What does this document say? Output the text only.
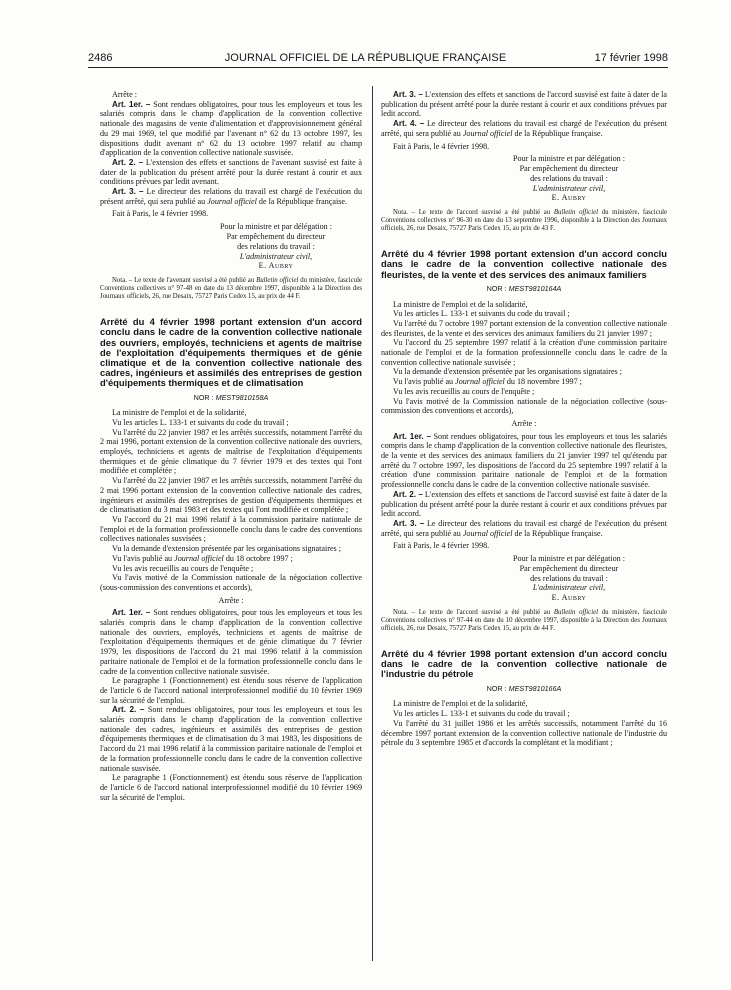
2486	JOURNAL OFFICIEL DE LA RÉPUBLIQUE FRANÇAISE	17 février 1998

Arrête :

Art. 1er. – Sont rendues obligatoires, pour tous les employeurs et tous les salariés compris dans le champ d'application de la convention collective nationale des magasins de vente d'alimentation et d'approvisionnement général du 29 mai 1969, tel que modifié par l'avenant n° 62 du 13 octobre 1997, les dispositions dudit avenant n° 62 du 13 octobre 1997 relatif au champ d'application de la convention collective nationale susvisée.

Art. 2. – L'extension des effets et sanctions de l'avenant susvisé est faite à dater de la publication du présent arrêté pour la durée restant à courir et aux conditions prévues par ledit avenant.

Art. 3. – Le directeur des relations du travail est chargé de l'exécution du présent arrêté, qui sera publié au Journal officiel de la République française.

Fait à Paris, le 4 février 1998.

Pour la ministre et par délégation :
Par empêchement du directeur
des relations du travail :
L'administrateur civil,
E. Aubry

Nota. – Le texte de l'avenant susvisé a été publié au Bulletin officiel du ministère, fascicule Conventions collectives n° 97-48 en date du 13 décembre 1997, disponible à la Direction des Journaux officiels, 26, rue Desaix, 75727 Paris Cedex 15, au prix de 44 F.

Arrêté du 4 février 1998 portant extension d'un accord conclu dans le cadre de la convention collective nationale des ouvriers, employés, techniciens et agents de maîtrise de l'exploitation d'équipements thermiques et de génie climatique et de la convention collective nationale des cadres, ingénieurs et assimilés des entreprises de gestion d'équipements thermiques et de climatisation
NOR : MEST9810158A

La ministre de l'emploi et de la solidarité,

Vu les articles L. 133-1 et suivants du code du travail ;

Vu l'arrêté du 22 janvier 1987 et les arrêtés successifs, notamment l'arrêté du 2 mai 1996, portant extension de la convention collective nationale des ouvriers, employés, techniciens et agents de maîtrise de l'exploitation d'équipements thermiques et de génie climatique du 7 février 1979 et des textes qui l'ont modifiée et complétée ;

Vu l'arrêté du 22 janvier 1987 et les arrêtés successifs, notamment l'arrêté du 2 mai 1996 portant extension de la convention collective nationale des cadres, ingénieurs et assimilés des entreprises de gestion d'équipements thermiques et de climatisation du 3 mai 1983 et des textes qui l'ont modifiée et complétée ;

Vu l'accord du 21 mai 1996 relatif à la commission paritaire nationale de l'emploi et de la formation professionnelle conclu dans le cadre des conventions collectives nationales susvisées ;

Vu la demande d'extension présentée par les organisations signataires ;

Vu l'avis publié au Journal officiel du 18 octobre 1997 ;

Vu les avis recueillis au cours de l'enquête ;

Vu l'avis motivé de la Commission nationale de la négociation collective (sous-commission des conventions et accords),

Arrête :

Art. 1er. – Sont rendues obligatoires, pour tous les employeurs et tous les salariés compris dans le champ d'application de la convention collective nationale des ouvriers, employés, techniciens et agents de maîtrise de l'exploitation d'équipements thermiques et de génie climatique du 7 février 1979, les dispositions de l'accord du 21 mai 1996 relatif à la commission paritaire nationale de l'emploi et de la formation professionnelle conclu dans le cadre de la convention collective nationale susvisée.

Le paragraphe 1 (Fonctionnement) est étendu sous réserve de l'application de l'article 6 de l'accord national interprofessionnel modifié du 10 février 1969 sur la sécurité de l'emploi.

Art. 2. – Sont rendues obligatoires, pour tous les employeurs et tous les salariés compris dans le champ d'application de la convention collective nationale des cadres, ingénieurs et assimilés des entreprises de gestion d'équipements thermiques et de climatisation du 3 mai 1983, les dispositions de l'accord du 21 mai 1996 relatif à la commission paritaire nationale de l'emploi et de la formation professionnelle conclu dans le cadre de la convention collective nationale susvisée.

Le paragraphe 1 (Fonctionnement) est étendu sous réserve de l'application de l'article 6 de l'accord national interprofessionnel modifié du 10 février 1969 sur la sécurité de l'emploi.

Art. 3. – L'extension des effets et sanctions de l'accord susvisé est faite à dater de la publication du présent arrêté pour la durée restant à courir et aux conditions prévues par ledit accord.

Art. 4. – Le directeur des relations du travail est chargé de l'exécution du présent arrêté, qui sera publié au Journal officiel de la République française.

Fait à Paris, le 4 février 1998.

Pour la ministre et par délégation :
Par empêchement du directeur
des relations du travail :
L'administrateur civil,
E. Aubry

Nota. – Le texte de l'accord susvisé a été publié au Bulletin officiel du ministère, fascicule Conventions collectives n° 96-30 en date du 13 septembre 1996, disponible à la Direction des Journaux officiels, 26, rue Desaix, 75727 Paris Cedex 15, au prix de 43 F.

Arrêté du 4 février 1998 portant extension d'un accord conclu dans le cadre de la convention collective nationale des fleuristes, de la vente et des services des animaux familiers
NOR : MEST9810164A

La ministre de l'emploi et de la solidarité,

Vu les articles L. 133-1 et suivants du code du travail ;

Vu l'arrêté du 7 octobre 1997 portant extension de la convention collective nationale des fleuristes, de la vente et des services des animaux familiers du 21 janvier 1997 ;

Vu l'accord du 25 septembre 1997 relatif à la création d'une commission paritaire nationale de l'emploi et de la formation professionnelle conclu dans le cadre de la convention collective nationale susvisée ;

Vu la demande d'extension présentée par les organisations signataires ;

Vu l'avis publié au Journal officiel du 18 novembre 1997 ;

Vu les avis recueillis au cours de l'enquête ;

Vu l'avis motivé de la Commission nationale de la négociation collective (sous-commission des conventions et accords),

Arrête :

Art. 1er. – Sont rendues obligatoires, pour tous les employeurs et tous les salariés compris dans le champ d'application de la convention collective nationale des fleuristes, de la vente et des services des animaux familiers du 21 janvier 1997 tel qu'étendu par arrêté du 7 octobre 1997, les dispositions de l'accord du 25 septembre 1997 relatif à la création d'une commission paritaire nationale de l'emploi et de la formation professionnelle conclu dans le cadre de la convention collective nationale susvisée.

Art. 2. – L'extension des effets et sanctions de l'accord susvisé est faite à dater de la publication du présent arrêté pour la durée restant à courir et aux conditions prévues par ledit accord.

Art. 3. – Le directeur des relations du travail est chargé de l'exécution du présent arrêté, qui sera publié au Journal officiel de la République française.

Fait à Paris, le 4 février 1998.

Pour la ministre et par délégation :
Par empêchement du directeur
des relations du travail :
L'administrateur civil,
E. Aubry

Nota. – Le texte de l'accord susvisé a été publié au Bulletin officiel du ministère, fascicule Conventions collectives n° 97-44 en date du 10 décembre 1997, disponible à la Direction des Journaux officiels, 26, rue Desaix, 75727 Paris Cedex 15, au prix de 44 F.

Arrêté du 4 février 1998 portant extension d'un accord conclu dans le cadre de la convention collective nationale de l'industrie du pétrole
NOR : MEST9810166A

La ministre de l'emploi et de la solidarité,

Vu les articles L. 133-1 et suivants du code du travail ;

Vu l'arrêté du 31 juillet 1986 et les arrêtés successifs, notamment l'arrêté du 16 décembre 1997 portant extension de la convention collective nationale de l'industrie du pétrole du 3 septembre 1985 et d'accords la complétant et la modifiant ;
